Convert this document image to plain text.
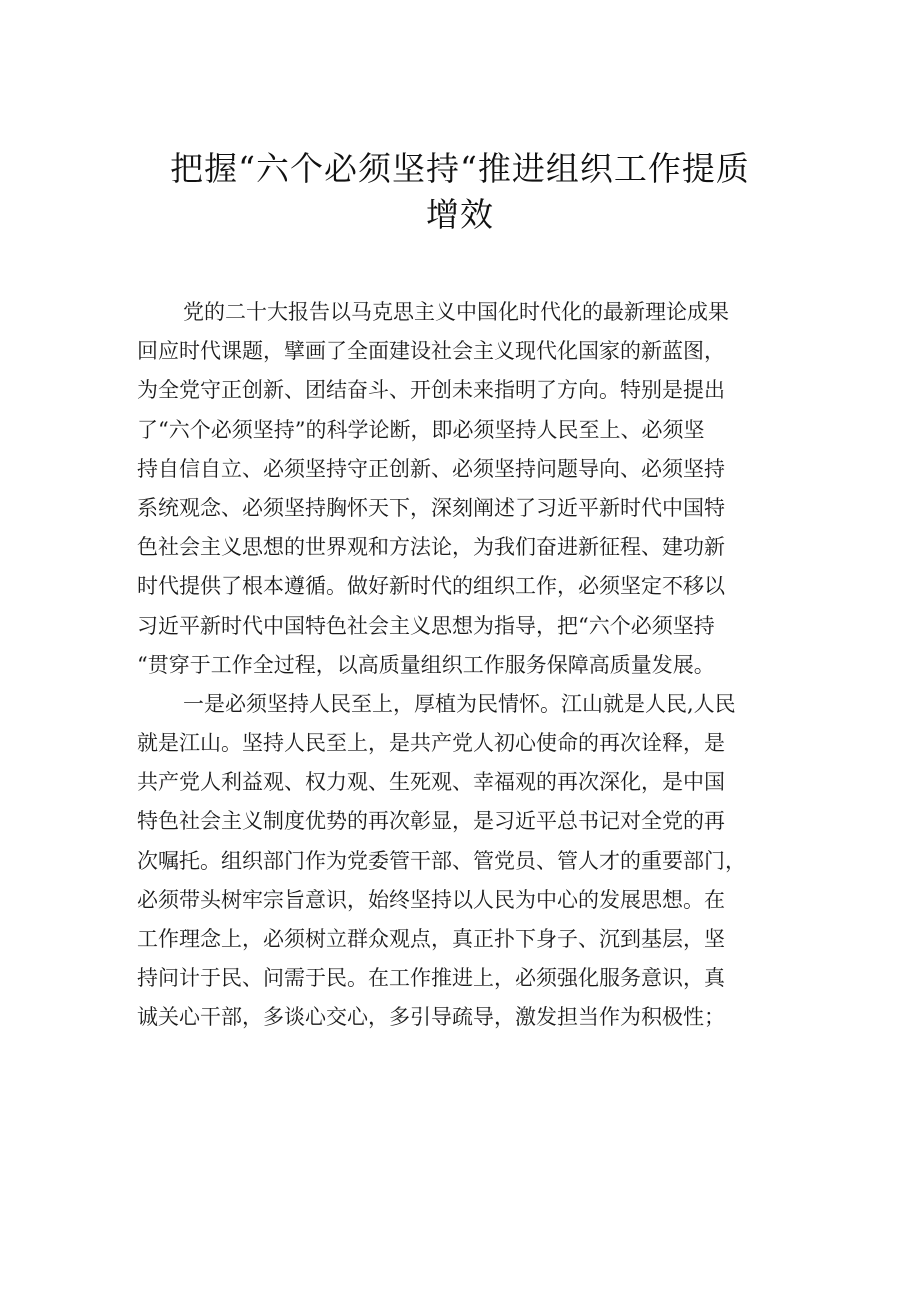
把握“六个必须坚持“推进组织工作提质
增效
党的二十大报告以马克思主义中国化时代化的最新理论成果
回应时代课题，擘画了全面建设社会主义现代化国家的新蓝图，
为全党守正创新、团结奋斗、开创未来指明了方向。特别是提出
了“六个必须坚持”的科学论断，即必须坚持人民至上、必须坚
持自信自立、必须坚持守正创新、必须坚持问题导向、必须坚持
系统观念、必须坚持胸怀天下，深刻阐述了习近平新时代中国特
色社会主义思想的世界观和方法论，为我们奋进新征程、建功新
时代提供了根本遵循。做好新时代的组织工作，必须坚定不移以
习近平新时代中国特色社会主义思想为指导，把“六个必须坚持
“贯穿于工作全过程，以高质量组织工作服务保障高质量发展。
一是必须坚持人民至上，厚植为民情怀。江山就是人民,人民
就是江山。坚持人民至上，是共产党人初心使命的再次诠释，是
共产党人利益观、权力观、生死观、幸福观的再次深化，是中国
特色社会主义制度优势的再次彰显，是习近平总书记对全党的再
次嘱托。组织部门作为党委管干部、管党员、管人才的重要部门，
必须带头树牢宗旨意识，始终坚持以人民为中心的发展思想。在
工作理念上，必须树立群众观点，真正扑下身子、沉到基层，坚
持问计于民、问需于民。在工作推进上，必须强化服务意识，真
诚关心干部，多谈心交心，多引导疏导，激发担当作为积极性；
